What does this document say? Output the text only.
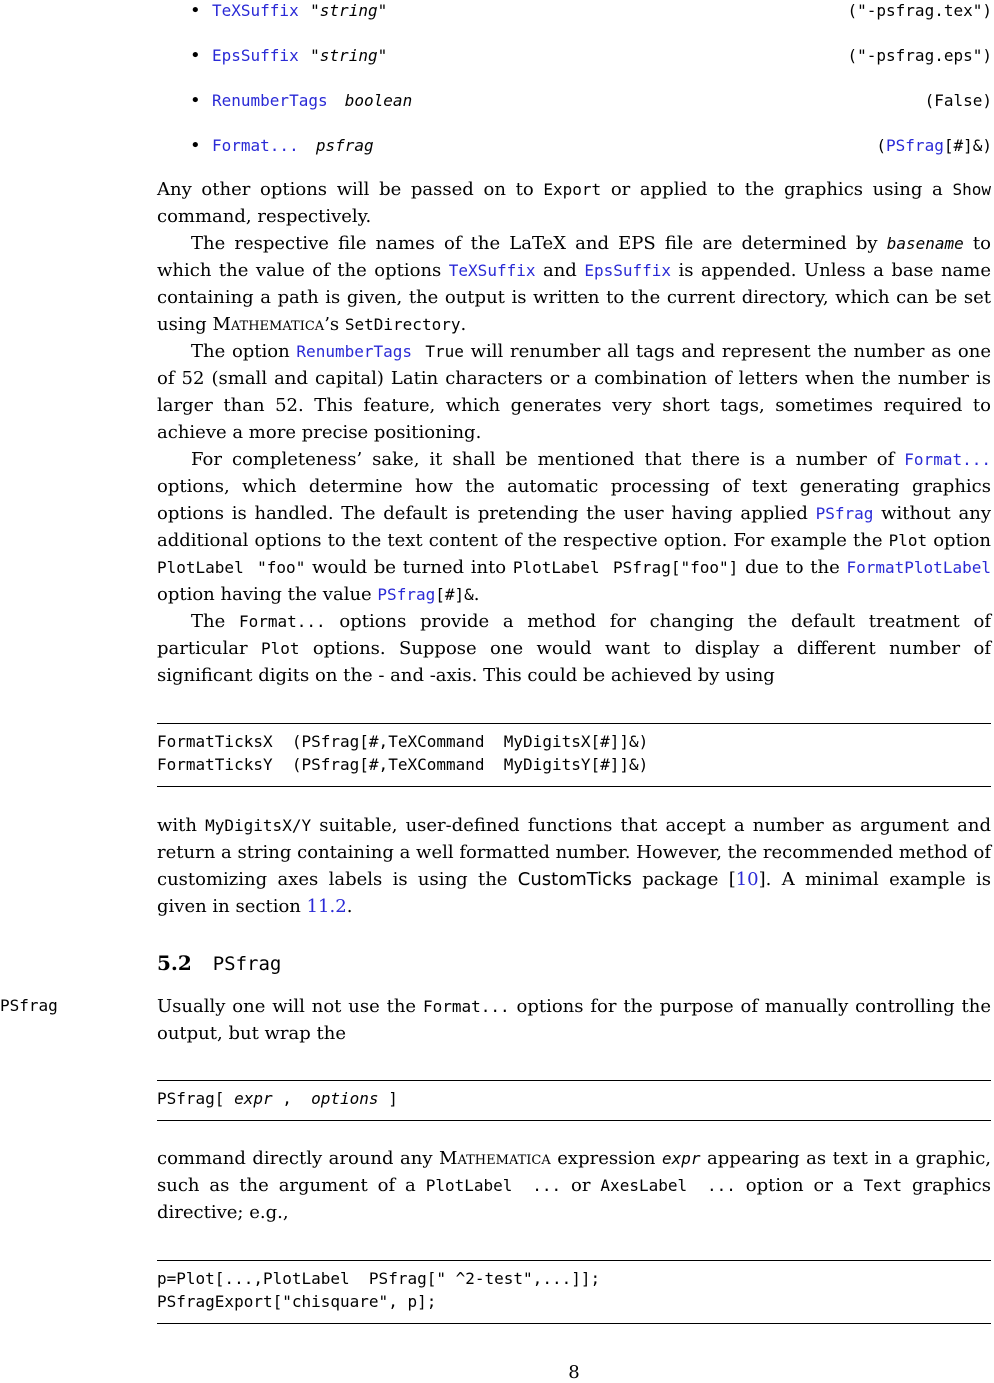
• TeXSuffix "string"	("-psfrag.tex")
• EpsSuffix "string"	("-psfrag.eps")
• RenumberTags boolean	(False)
• Format... psfrag	(PSfrag[#]&)

Any other options will be passed on to Export or applied to the graphics using a Show command, respectively.

The respective file names of the LaTeX and EPS file are determined by basename to which the value of the options TeXSuffix and EpsSuffix is appended. Unless a base name containing a path is given, the output is written to the current directory, which can be set using Mathematica’s SetDirectory.

The option RenumberTags True will renumber all tags and represent the number as one of 52 (small and capital) Latin characters or a combination of letters when the number is larger than 52. This feature, which generates very short tags, sometimes required to achieve a more precise positioning.

For completeness’ sake, it shall be mentioned that there is a number of Format... options, which determine how the automatic processing of text generating graphics options is handled. The default is pretending the user having applied PSfrag without any additional options to the text content of the respective option. For example the Plot option PlotLabel "foo" would be turned into PlotLabel PSfrag["foo"] due to the FormatPlotLabel option having the value PSfrag[#]&.

The Format... options provide a method for changing the default treatment of particular Plot options. Suppose one would want to display a different number of significant digits on the - and -axis. This could be achieved by using

FormatTicksX  (PSfrag[#,TeXCommand  MyDigitsX[#]]&)
FormatTicksY  (PSfrag[#,TeXCommand  MyDigitsY[#]]&)

with MyDigitsX/Y suitable, user-defined functions that accept a number as argument and return a string containing a well formatted number. However, the recommended method of customizing axes labels is using the CustomTicks package [10]. A minimal example is given in section 11.2.

5.2 PSfrag
PSfrag	Usually one will not use the Format... options for the purpose of manually controlling the output, but wrap the

PSfrag[ expr ,  options ]

command directly around any Mathematica expression expr appearing as text in a graphic, such as the argument of a PlotLabel ... or AxesLabel ... option or a Text graphics directive; e.g.,

p=Plot[...,PlotLabel  PSfrag[" ^2-test",...]];
PSfragExport["chisquare", p];
8
